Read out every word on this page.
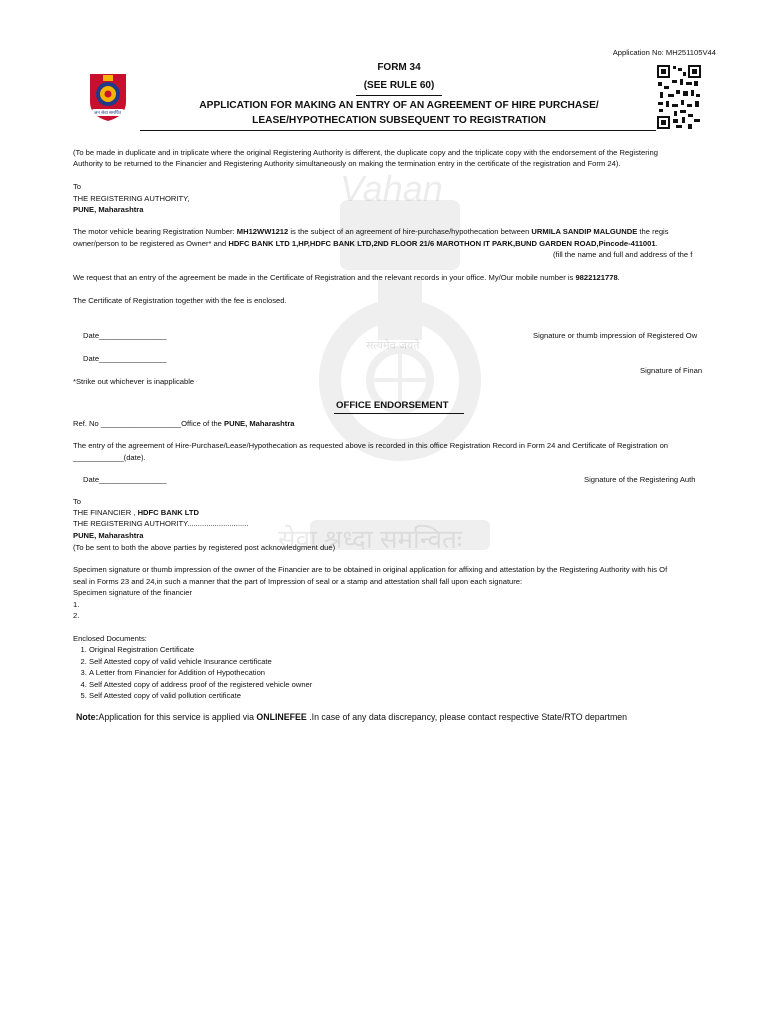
Vahan
सत्यमेव जयते
सेवा श्रध्दा समन्वितः
Application No: MH251105V44
जन सेवा समर्पित
FORM 34
(SEE RULE 60)
APPLICATION FOR MAKING AN ENTRY OF AN AGREEMENT OF HIRE PURCHASE/
LEASE/HYPOTHECATION SUBSEQUENT TO REGISTRATION
(To be made in duplicate and in triplicate where the original Registering Authority is different, the duplicate copy and the triplicate copy with the endorsement of the Registering
Authority to be returned to the Financier and Registering Authority simultaneously on making the termination entry in the certificate of the registration and Form 24).
To
THE REGISTERING AUTHORITY,
PUNE, Maharashtra
The motor vehicle bearing Registration Number: MH12WW1212 is the subject of an agreement of hire-purchase/hypothecation between URMILA SANDIP MALGUNDE the regis
owner/person to be registered as Owner* and HDFC BANK LTD 1,HP,HDFC BANK LTD,2ND FLOOR 21/6 MAROTHON IT PARK,BUND GARDEN ROAD,Pincode-411001.
(fill the name and full and address of the f
We request that an entry of the agreement be made in the Certificate of Registration and the relevant records in your office. My/Our mobile number is 9822121778.
The Certificate of Registration together with the fee is enclosed.
Date________________	Signature or thumb impression of Registered Ow
Date________________
Signature of Finan
*Strike out whichever is inapplicable
OFFICE ENDORSEMENT
Ref. No ___________________Office of the PUNE, Maharashtra
The entry of the agreement of Hire-Purchase/Lease/Hypothecation as requested above is recorded in this office Registration Record in Form 24 and Certificate of Registration on
____________(date).
Date________________	Signature of the Registering Auth
To
THE FINANCIER , HDFC BANK LTD
THE REGISTERING AUTHORITY.............................
PUNE, Maharashtra
(To be sent to both the above parties by registered post acknowledgment due)
Specimen signature or thumb impression of the owner of the Financier are to be obtained in original application for affixing and attestation by the Registering Authority with his Of
seal in Forms 23 and 24,in such a manner that the part of Impression of seal or a stamp and attestation shall fall upon each signature:
Specimen signature of the financier
1.
2.
Enclosed Documents:
1. Original Registration Certificate
2. Self Attested copy of valid vehicle Insurance certificate
3. A Letter from Financier for Addition of Hypothecation
4. Self Attested copy of address proof of the registered vehicle owner
5. Self Attested copy of valid pollution certificate
Note:Application for this service is applied via ONLINEFEE .In case of any data discrepancy, please contact respective State/RTO departmen
